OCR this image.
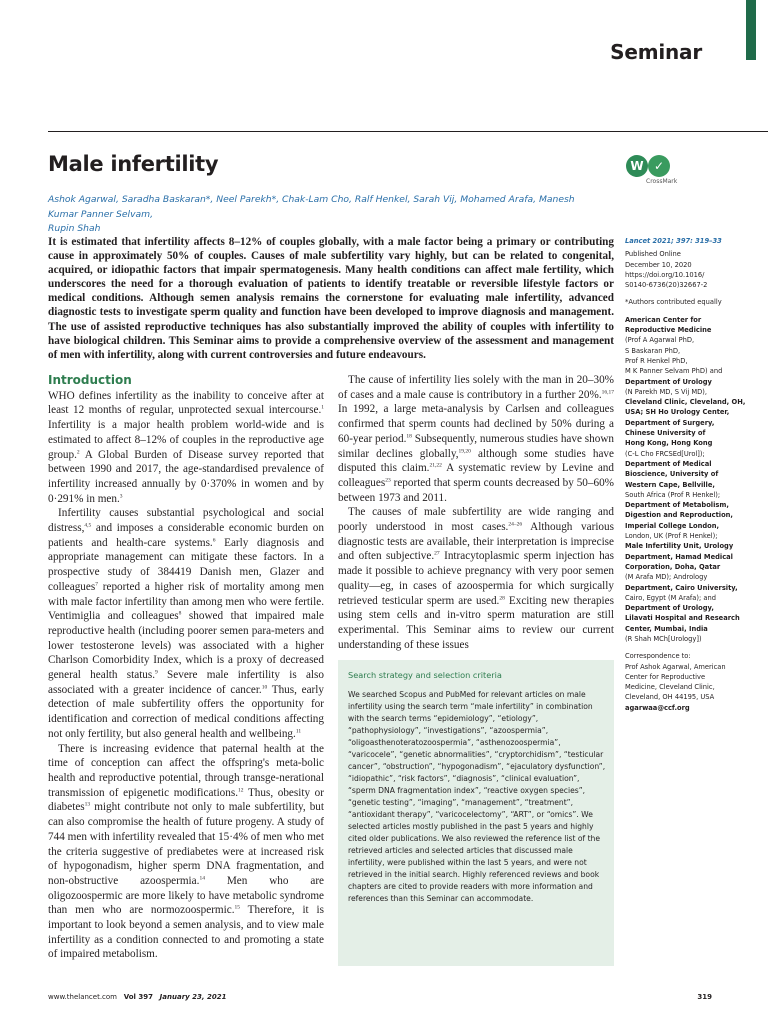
Seminar
Male infertility	W ✓
CrossMark
Ashok Agarwal, Saradha Baskaran*, Neel Parekh*, Chak-Lam Cho, Ralf Henkel, Sarah Vij, Mohamed Arafa, Manesh Kumar Panner Selvam,
Rupin Shah

It is estimated that infertility affects 8–12% of couples globally, with a male factor being a primary or contributing cause in approximately 50% of couples. Causes of male subfertility vary highly, but can be related to congenital, acquired, or idiopathic factors that impair spermatogenesis. Many health conditions can affect male fertility, which underscores the need for a thorough evaluation of patients to identify treatable or reversible lifestyle factors or medical conditions. Although semen analysis remains the cornerstone for evaluating male infertility, advanced diagnostic tests to investigate sperm quality and function have been developed to improve diagnosis and management. The use of assisted reproductive techniques has also substantially improved the ability of couples with infertility to have biological children. This Seminar aims to provide a comprehensive overview of the assessment and management of men with infertility, along with current controversies and future endeavours.

Lancet 2021; 397: 319–33

Published Online
December 10, 2020
https://doi.org/10.1016/
S0140-6736(20)32667-2
*Authors contributed equally
American Center for
Reproductive Medicine
(Prof A Agarwal PhD,
S Baskaran PhD,
Prof R Henkel PhD,
M K Panner Selvam PhD) and
Department of Urology
(N Parekh MD, S Vij MD),
Cleveland Clinic, Cleveland, OH,
USA; SH Ho Urology Center,
Department of Surgery,
Chinese University of
Hong Kong, Hong Kong
(C-L Cho FRCSEd[Urol]);
Department of Medical
Bioscience, University of
Western Cape, Bellville,
South Africa (Prof R Henkel);
Department of Metabolism,
Digestion and Reproduction,
Imperial College London,
London, UK (Prof R Henkel);
Male Infertility Unit, Urology
Department, Hamad Medical
Corporation, Doha, Qatar
(M Arafa MD); Andrology
Department, Cairo University,
Cairo, Egypt (M Arafa); and
Department of Urology,
Lilavati Hospital and Research
Center, Mumbai, India
(R Shah MCh[Urology])
Correspondence to:
Prof Ashok Agarwal, American
Center for Reproductive
Medicine, Cleveland Clinic,
Cleveland, OH 44195, USA
agarwaa@ccf.org
Introduction

WHO defines infertility as the inability to conceive after at least 12 months of regular, unprotected sexual intercourse.$^1$ Infertility is a major health problem world-wide and is estimated to affect 8–12% of couples in the reproductive age group.$^2$ A Global Burden of Disease survey reported that between 1990 and 2017, the age-standardised prevalence of infertility increased annually by 0·370% in women and by 0·291% in men.$^3$

Infertility causes substantial psychological and social distress,$^{4,5}$ and imposes a considerable economic burden on patients and health-care systems.$^6$ Early diagnosis and appropriate management can mitigate these factors. In a prospective study of 384419 Danish men, Glazer and colleagues$^7$ reported a higher risk of mortality among men with male factor infertility than among men who were fertile. Ventimiglia and colleagues$^8$ showed that impaired male reproductive health (including poorer semen para-meters and lower testosterone levels) was associated with a higher Charlson Comorbidity Index, which is a proxy of decreased general health status.$^9$ Severe male infertility is also associated with a greater incidence of cancer.$^{10}$ Thus, early detection of male subfertility offers the opportunity for identification and correction of medical conditions affecting not only fertility, but also general health and wellbeing.$^{11}$

There is increasing evidence that paternal health at the time of conception can affect the offspring's meta-bolic health and reproductive potential, through transge-nerational transmission of epigenetic modifications.$^{12}$ Thus, obesity or diabetes$^{13}$ might contribute not only to male subfertility, but can also compromise the health of future progeny. A study of 744 men with infertility revealed that 15·4% of men who met the criteria suggestive of prediabetes were at increased risk of hypogonadism, higher sperm DNA fragmentation, and non-obstructive azoospermia.$^{14}$ Men who are oligozoospermic are more likely to have metabolic syndrome than men who are normozoospermic.$^{15}$ Therefore, it is important to look beyond a semen analysis, and to view male infertility as a condition connected to and promoting a state of impaired metabolism.

The cause of infertility lies solely with the man in 20–30% of cases and a male cause is contributory in a further 20%.$^{16,17}$ In 1992, a large meta-analysis by Carlsen and colleagues confirmed that sperm counts had declined by 50% during a 60-year period.$^{18}$ Subsequently, numerous studies have shown similar declines globally,$^{19,20}$ although some studies have disputed this claim.$^{21,22}$ A systematic review by Levine and colleagues$^{23}$ reported that sperm counts decreased by 50–60% between 1973 and 2011.

The causes of male subfertility are wide ranging and poorly understood in most cases.$^{24-26}$ Although various diagnostic tests are available, their interpretation is imprecise and often subjective.$^{27}$ Intracytoplasmic sperm injection has made it possible to achieve pregnancy with very poor semen quality—eg, in cases of azoospermia for which surgically retrieved testicular sperm are used.$^{28}$ Exciting new therapies using stem cells and in-vitro sperm maturation are still experimental. This Seminar aims to review our current understanding of these issues

Search strategy and selection criteria
We searched Scopus and PubMed for relevant articles on male infertility using the search term “male infertility” in combination with the search terms “epidemiology”, “etiology”, “pathophysiology”, “investigations”, “azoospermia”, “oligoasthenoteratozoospermia”, “asthenozoospermia”, “varicocele”, “genetic abnormalities”, “cryptorchidism”, “testicular cancer”, “obstruction”, “hypogonadism”, “ejaculatory dysfunction”, “idiopathic”, “risk factors”, “diagnosis”, “clinical evaluation”, “sperm DNA fragmentation index”, “reactive oxygen species”, “genetic testing”, “imaging”, “management”, “treatment”, “antioxidant therapy”, “varicocelectomy”, “ART”, or “omics”. We selected articles mostly published in the past 5 years and highly cited older publications. We also reviewed the reference list of the retrieved articles and selected articles that discussed male infertility, were published within the last 5 years, and were not retrieved in the initial search. Highly referenced reviews and book chapters are cited to provide readers with more information and references than this Seminar can accommodate.
www.thelancet.com Vol 397 January 23, 2021	319
